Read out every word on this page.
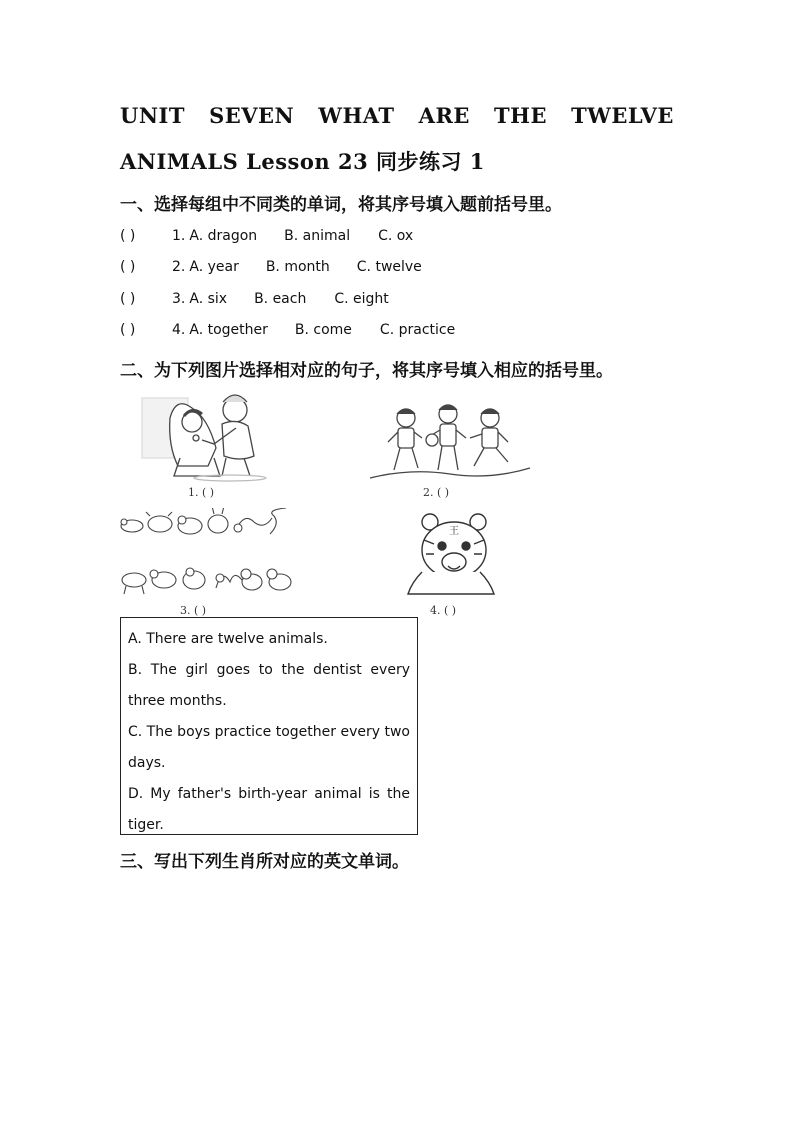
UNIT SEVEN WHAT ARE THE TWELVE
ANIMALS Lesson 23 同步练习 1
一、选择每组中不同类的单词，将其序号填入题前括号里。
( )	1. A. dragon B. animal C. ox
( )	2. A. year B. month C. twelve
( )	3. A. six B. each C. eight
( )	4. A. together B. come C. practice
二、为下列图片选择相对应的句子，将其序号填入相应的括号里。
1. ( )	2. ( )
3. ( )
王
4. ( )

A. There are twelve animals.

B. The girl goes to the dentist every three months.

C. The boys practice together every two days.

D. My father's birth-year animal is the tiger.

三、写出下列生肖所对应的英文单词。
